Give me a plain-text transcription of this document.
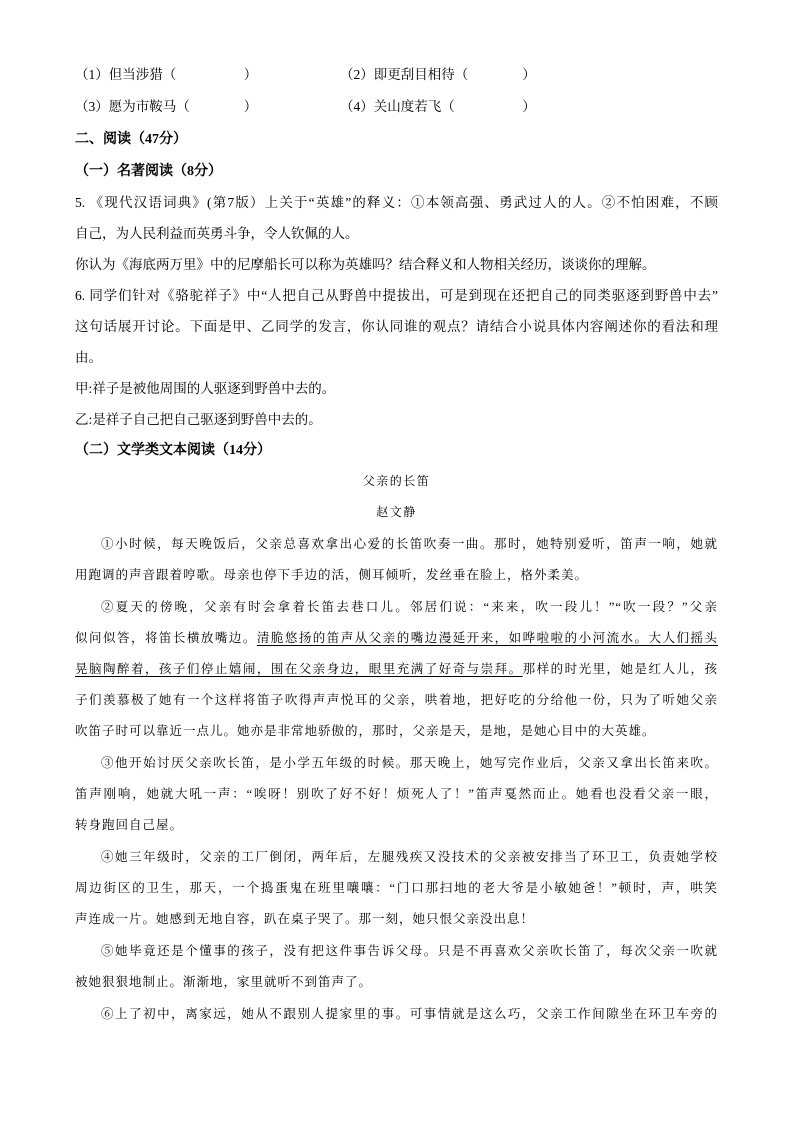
（1）但当涉猎（　　　　　）	（2）即更刮目相待（　　　　）
（3）愿为市鞍马（　　　　）	（4）关山度若飞（　　　　　）
二、阅读（47分）
（一）名著阅读（8分）
5. 《现代汉语词典》(第7版）上关于“英雄”的释义：①本领高强、勇武过人的人。②不怕困难，不顾
自己，为人民利益而英勇斗争，令人钦佩的人。
你认为《海底两万里》中的尼摩船长可以称为英雄吗？结合释义和人物相关经历，谈谈你的理解。
6. 同学们针对《骆驼祥子》中“人把自己从野兽中提拔出，可是到现在还把自己的同类驱逐到野兽中去”
这句话展开讨论。下面是甲、乙同学的发言，你认同谁的观点？请结合小说具体内容阐述你的看法和理
由。
甲:祥子是被他周围的人驱逐到野兽中去的。
乙:是祥子自己把自己驱逐到野兽中去的。
（二）文学类文本阅读（14分）
父亲的长笛
赵文静
①小时候，每天晚饭后，父亲总喜欢拿出心爱的长笛吹奏一曲。那时，她特别爱听，笛声一响，她就
用跑调的声音跟着哼歌。母亲也停下手边的活，侧耳倾听，发丝垂在脸上，格外柔美。
②夏天的傍晚，父亲有时会拿着长笛去巷口儿。邻居们说：“来来，吹一段儿！”“吹一段？”父亲
似问似答，将笛长横放嘴边。清脆悠扬的笛声从父亲的嘴边漫延开来，如哗啦啦的小河流水。大人们摇头
晃脑陶醉着，孩子们停止嬉闹，围在父亲身边，眼里充满了好奇与崇拜。那样的时光里，她是红人儿，孩
子们羡慕极了她有一个这样将笛子吹得声声悦耳的父亲，哄着地，把好吃的分给他一份，只为了听她父亲
吹笛子时可以靠近一点儿。她亦是非常地骄傲的，那时，父亲是天，是地，是她心目中的大英雄。
③他开始讨厌父亲吹长笛，是小学五年级的时候。那天晚上，她写完作业后，父亲又拿出长笛来吹。
笛声刚响，她就大吼一声：“唉呀！别吹了好不好！烦死人了！”笛声戛然而止。她看也没看父亲一眼，
转身跑回自己屋。
④她三年级时，父亲的工厂倒闭，两年后，左腿残疾又没技术的父亲被安排当了环卫工，负责她学校
周边街区的卫生，那天，一个捣蛋鬼在班里嚷嚷：“门口那扫地的老大爷是小敏她爸！”顿时，声，哄笑
声连成一片。她感到无地自容，趴在桌子哭了。那一刻，她只恨父亲没出息！
⑤她毕竟还是个懂事的孩子，没有把这件事告诉父母。只是不再喜欢父亲吹长笛了，每次父亲一吹就
被她狠狠地制止。渐渐地，家里就听不到笛声了。
⑥上了初中，离家远，她从不跟别人提家里的事。可事情就是这么巧，父亲工作间隙坐在环卫车旁的
